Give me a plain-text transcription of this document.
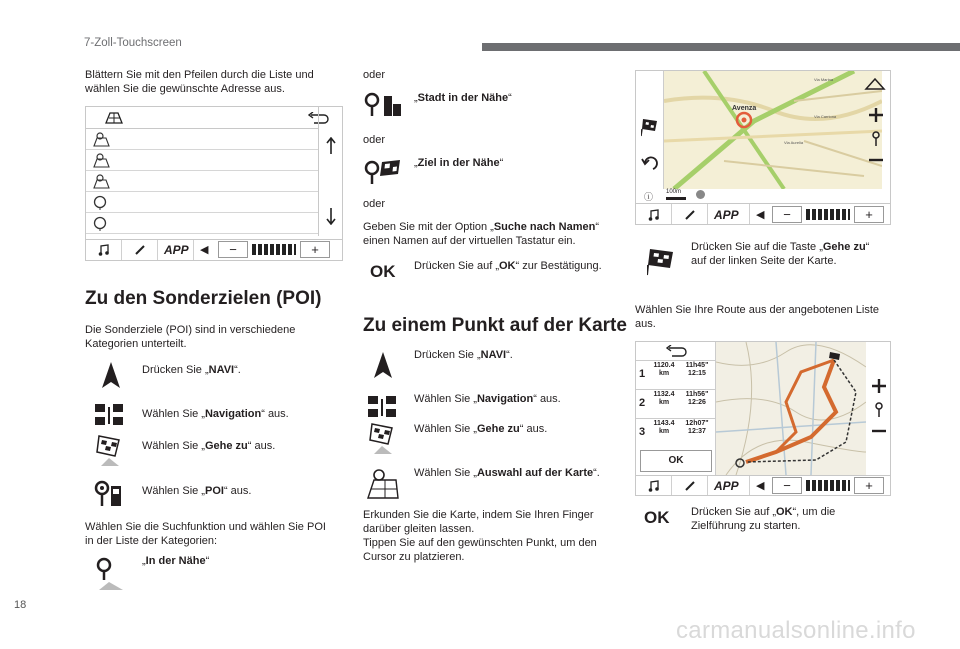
7-Zoll-Touchscreen
Blättern Sie mit den Pfeilen durch die Liste und
wählen Sie die gewünschte Adresse aus.
APP ◀	−	+
Zu den Sonderzielen (POI)
Die Sonderziele (POI) sind in verschiedene
Kategorien unterteilt.
Drücken Sie „NAVI“.
Wählen Sie „Navigation“ aus.
Wählen Sie „Gehe zu“ aus.
Wählen Sie „POI“ aus.
Wählen Sie die Suchfunktion und wählen Sie POI
in der Liste der Kategorien:
„In der Nähe“
oder
„Stadt in der Nähe“
oder
„Ziel in der Nähe“
oder
Geben Sie mit der Option „Suche nach Namen“
einen Namen auf der virtuellen Tastatur ein.
OK Drücken Sie auf „OK“ zur Bestätigung.
Zu einem Punkt auf der Karte
Drücken Sie „NAVI“.
Wählen Sie „Navigation“ aus.
Wählen Sie „Gehe zu“ aus.
Wählen Sie „Auswahl auf der Karte“.
Erkunden Sie die Karte, indem Sie Ihren Finger
darüber gleiten lassen.
Tippen Sie auf den gewünschten Punkt, um den
Cursor zu platzieren.
Avenza
Via Marina
Via Carriona
Via Aurelia
ⓘ 100m
APP ◀	−	+
Drücken Sie auf die Taste „Gehe zu“
auf der linken Seite der Karte.
Wählen Sie Ihre Route aus der angebotenen Liste
aus.
1
1120.4
km
11h45"
12:15
2
1132.4
km
11h56"
12:26
3
1143.4
km
12h07"
12:37
OK
APP ◀	−	+
OK Drücken Sie auf „OK“, um die
Zielführung zu starten.
18
carmanualsonline.info
